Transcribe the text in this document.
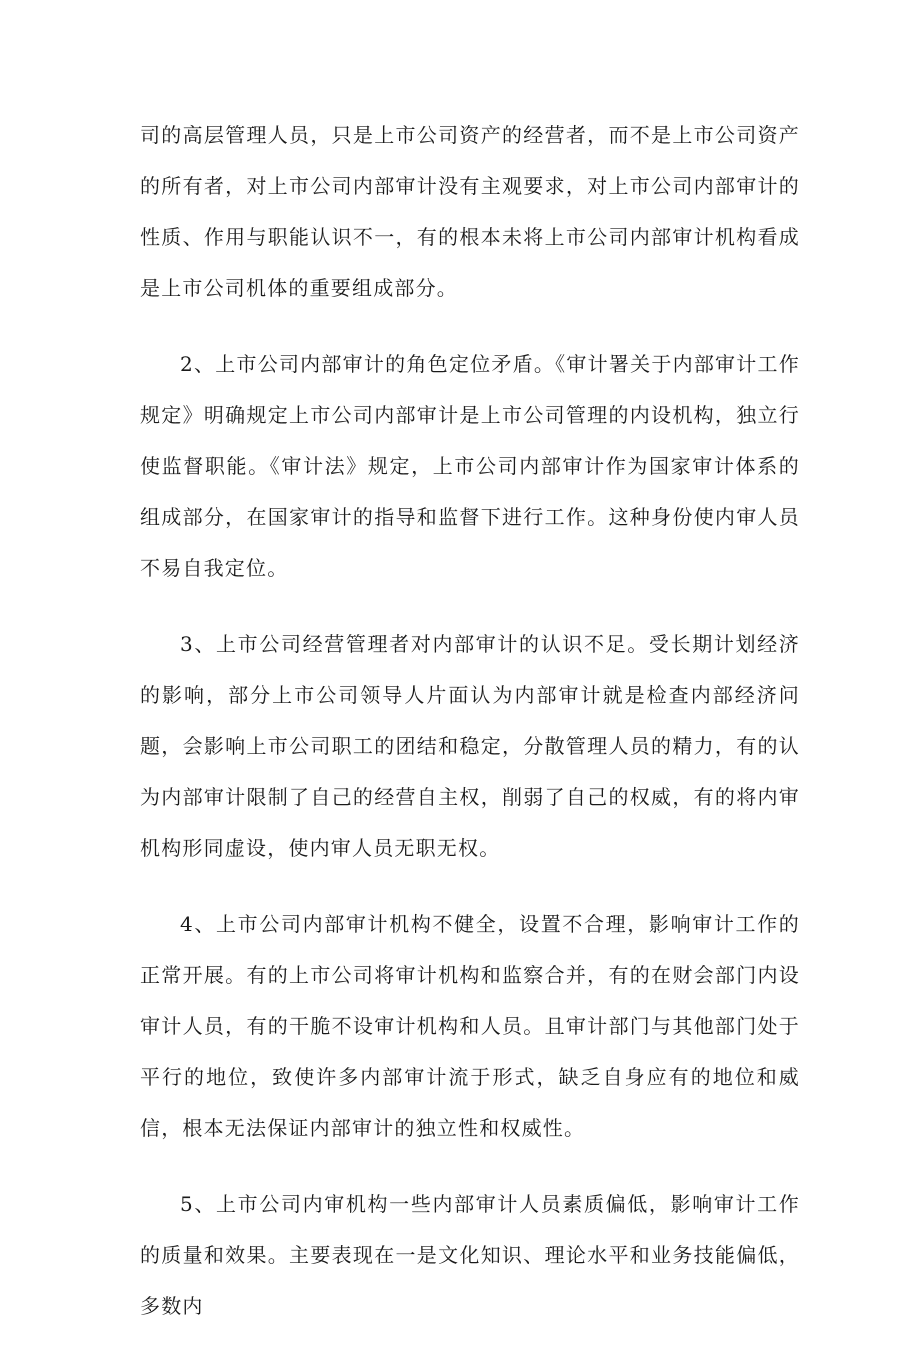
司的高层管理人员，只是上市公司资产的经营者，而不是上市公司资产的所有者，对上市公司内部审计没有主观要求，对上市公司内部审计的性质、作用与职能认识不一，有的根本未将上市公司内部审计机构看成是上市公司机体的重要组成部分。

2、上市公司内部审计的角色定位矛盾。《审计署关于内部审计工作规定》明确规定上市公司内部审计是上市公司管理的内设机构，独立行使监督职能。《审计法》规定，上市公司内部审计作为国家审计体系的组成部分，在国家审计的指导和监督下进行工作。这种身份使内审人员不易自我定位。

3、上市公司经营管理者对内部审计的认识不足。受长期计划经济的影响，部分上市公司领导人片面认为内部审计就是检查内部经济问题，会影响上市公司职工的团结和稳定，分散管理人员的精力，有的认为内部审计限制了自己的经营自主权，削弱了自己的权威，有的将内审机构形同虚设，使内审人员无职无权。

4、上市公司内部审计机构不健全，设置不合理，影响审计工作的正常开展。有的上市公司将审计机构和监察合并，有的在财会部门内设审计人员，有的干脆不设审计机构和人员。且审计部门与其他部门处于平行的地位，致使许多内部审计流于形式，缺乏自身应有的地位和威信，根本无法保证内部审计的独立性和权威性。

5、上市公司内审机构一些内部审计人员素质偏低，影响审计工作的质量和效果。主要表现在一是文化知识、理论水平和业务技能偏低，多数内
